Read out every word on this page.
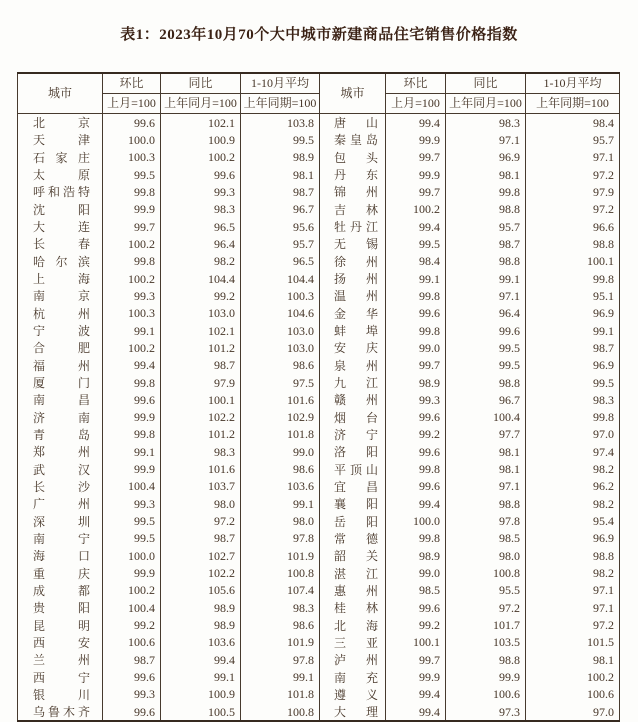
表1：2023年10月70个大中城市新建商品住宅销售价格指数
城市	环比	同比	1-10月平均	城市	环比	同比	1-10月平均
	上月=100	上年同月=100	上年同期=100		上月=100	上年同月=100	上年同期=100

北 京	99.6	102.1	103.8	唐 山	99.4	98.3	98.4

天 津	100.0	100.9	99.5	秦 皇 岛	99.9	97.1	95.7

石 家 庄	100.3	100.2	98.9	包 头	99.7	96.9	97.1

太 原	99.5	99.6	98.1	丹 东	99.9	98.1	97.2

呼 和 浩 特	99.8	99.3	98.7	锦 州	99.7	99.8	97.9

沈 阳	99.9	98.3	96.7	吉 林	100.2	98.8	97.2

大 连	99.7	96.5	95.6	牡 丹 江	99.4	95.7	96.6

长 春	100.2	96.4	95.7	无 锡	99.5	98.7	98.8

哈 尔 滨	99.8	98.2	96.5	徐 州	98.4	98.8	100.1

上 海	100.2	104.4	104.4	扬 州	99.1	99.1	99.8

南 京	99.3	99.2	100.3	温 州	99.8	97.1	95.1

杭 州	100.3	103.0	104.6	金 华	99.6	96.4	96.9

宁 波	99.1	102.1	103.0	蚌 埠	99.8	99.6	99.1

合 肥	100.2	101.2	103.0	安 庆	99.0	99.5	98.7

福 州	99.4	98.7	98.6	泉 州	99.7	99.5	96.9

厦 门	99.8	97.9	97.5	九 江	98.9	98.8	99.5

南 昌	99.6	100.1	101.6	赣 州	99.3	96.7	98.3

济 南	99.9	102.2	102.9	烟 台	99.6	100.4	99.8

青 岛	99.8	101.2	101.8	济 宁	99.2	97.7	97.0

郑 州	99.1	98.3	99.0	洛 阳	99.6	98.1	97.4

武 汉	99.9	101.6	98.6	平 顶 山	99.8	98.1	98.2

长 沙	100.4	103.7	103.6	宜 昌	99.6	97.1	96.2

广 州	99.3	98.0	99.1	襄 阳	99.4	98.8	98.2

深 圳	99.5	97.2	98.0	岳 阳	100.0	97.8	95.4

南 宁	99.5	98.7	97.8	常 德	99.8	98.5	96.9

海 口	100.0	102.7	101.9	韶 关	98.9	98.0	98.8

重 庆	99.9	102.2	100.8	湛 江	99.0	100.8	98.2

成 都	100.2	105.6	107.4	惠 州	98.5	95.5	97.1

贵 阳	100.4	98.9	98.3	桂 林	99.6	97.2	97.1

昆 明	99.2	98.9	98.6	北 海	99.2	101.7	97.2

西 安	100.6	103.6	101.9	三 亚	100.1	103.5	101.5

兰 州	98.7	99.4	97.8	泸 州	99.7	98.8	98.1

西 宁	99.6	99.1	99.1	南 充	99.9	99.9	100.2

银 川	99.3	100.9	101.8	遵 义	99.4	100.6	100.6

乌 鲁 木 齐	99.6	100.5	100.8	大 理	99.4	97.3	97.0
